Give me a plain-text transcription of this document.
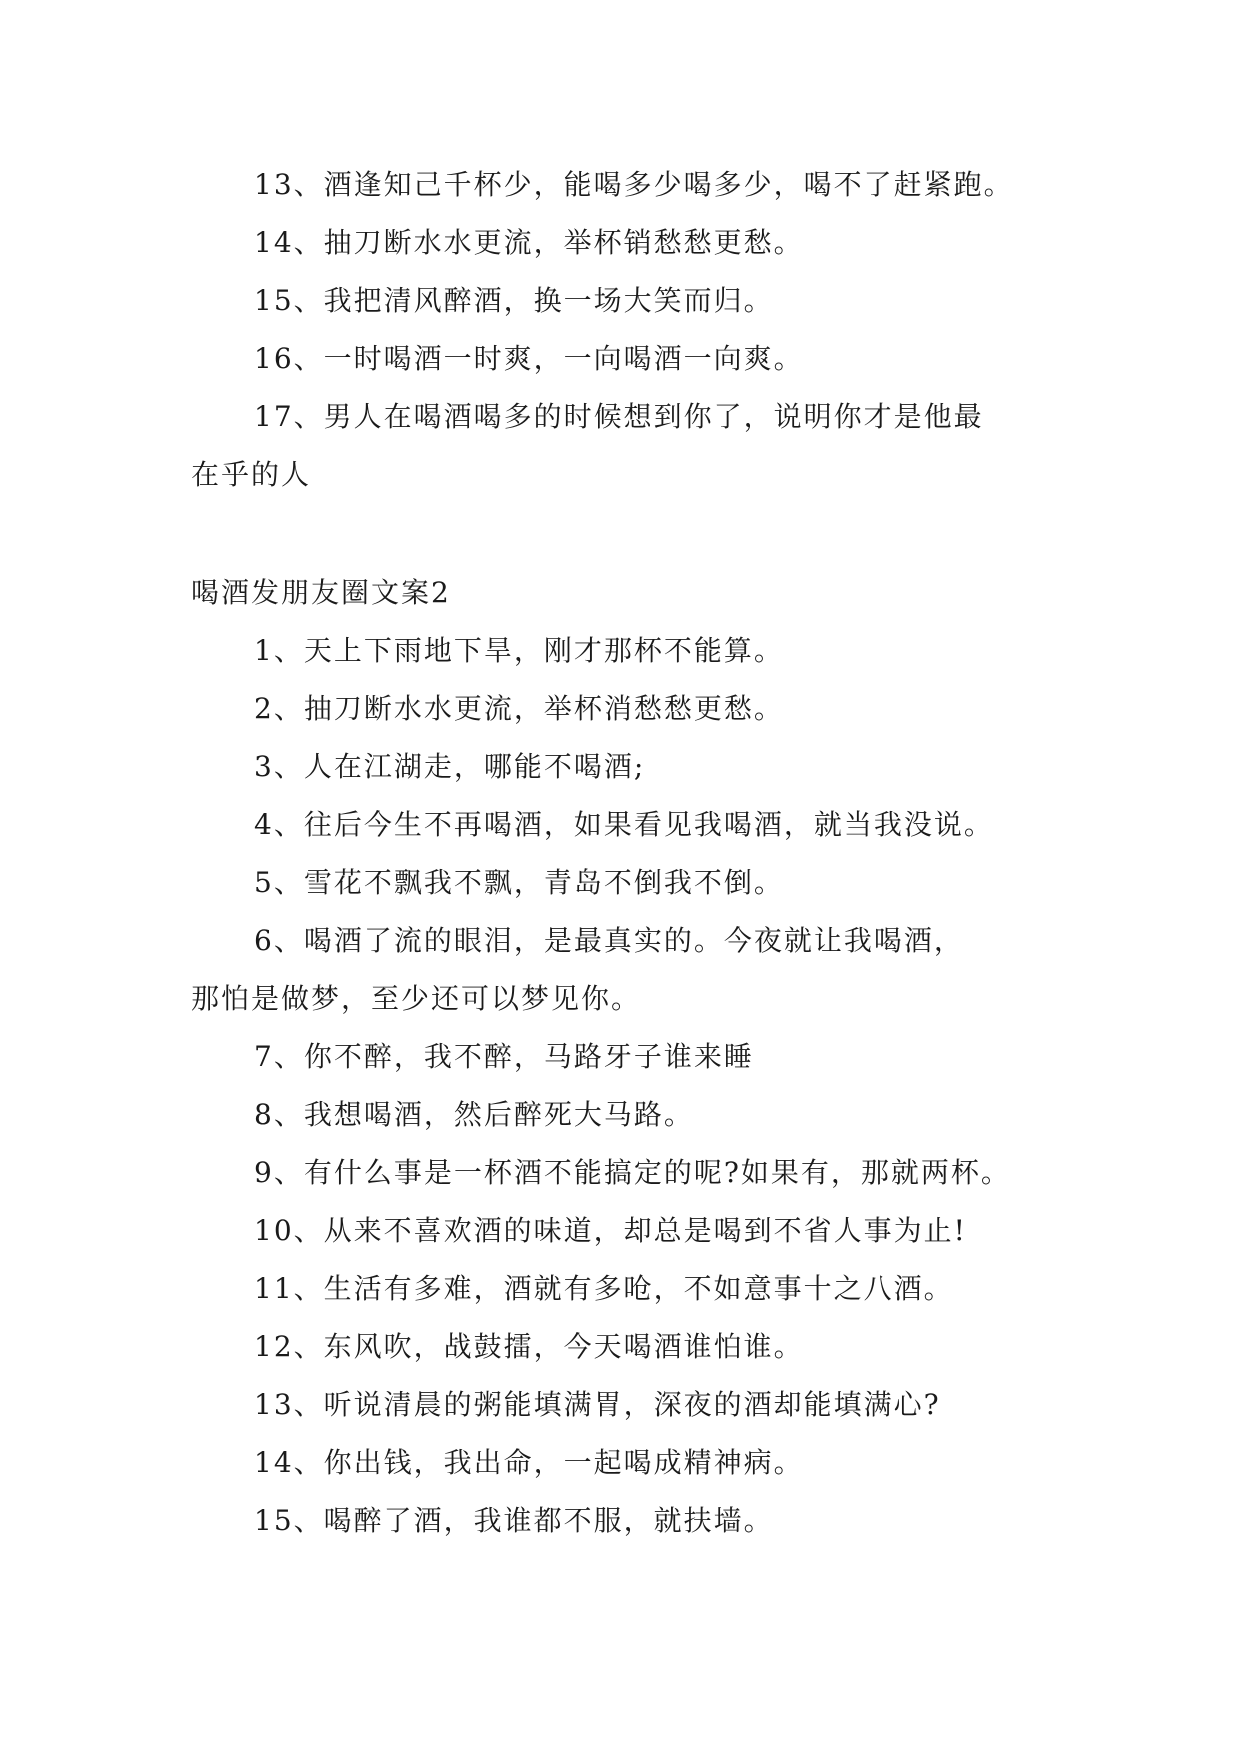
13、酒逢知己千杯少，能喝多少喝多少，喝不了赶紧跑。
14、抽刀断水水更流，举杯销愁愁更愁。
15、我把清风醉酒，换一场大笑而归。
16、一时喝酒一时爽，一向喝酒一向爽。
17、男人在喝酒喝多的时候想到你了，说明你才是他最
在乎的人
喝酒发朋友圈文案2
1、天上下雨地下旱，刚才那杯不能算。
2、抽刀断水水更流，举杯消愁愁更愁。
3、人在江湖走，哪能不喝酒;
4、往后今生不再喝酒，如果看见我喝酒，就当我没说。
5、雪花不飘我不飘，青岛不倒我不倒。
6、喝酒了流的眼泪，是最真实的。今夜就让我喝酒，
那怕是做梦，至少还可以梦见你。
7、你不醉，我不醉，马路牙子谁来睡
8、我想喝酒，然后醉死大马路。
9、有什么事是一杯酒不能搞定的呢?如果有，那就两杯。
10、从来不喜欢酒的味道，却总是喝到不省人事为止!
11、生活有多难，酒就有多呛，不如意事十之八酒。
12、东风吹，战鼓擂，今天喝酒谁怕谁。
13、听说清晨的粥能填满胃，深夜的酒却能填满心?
14、你出钱，我出命，一起喝成精神病。
15、喝醉了酒，我谁都不服，就扶墙。
